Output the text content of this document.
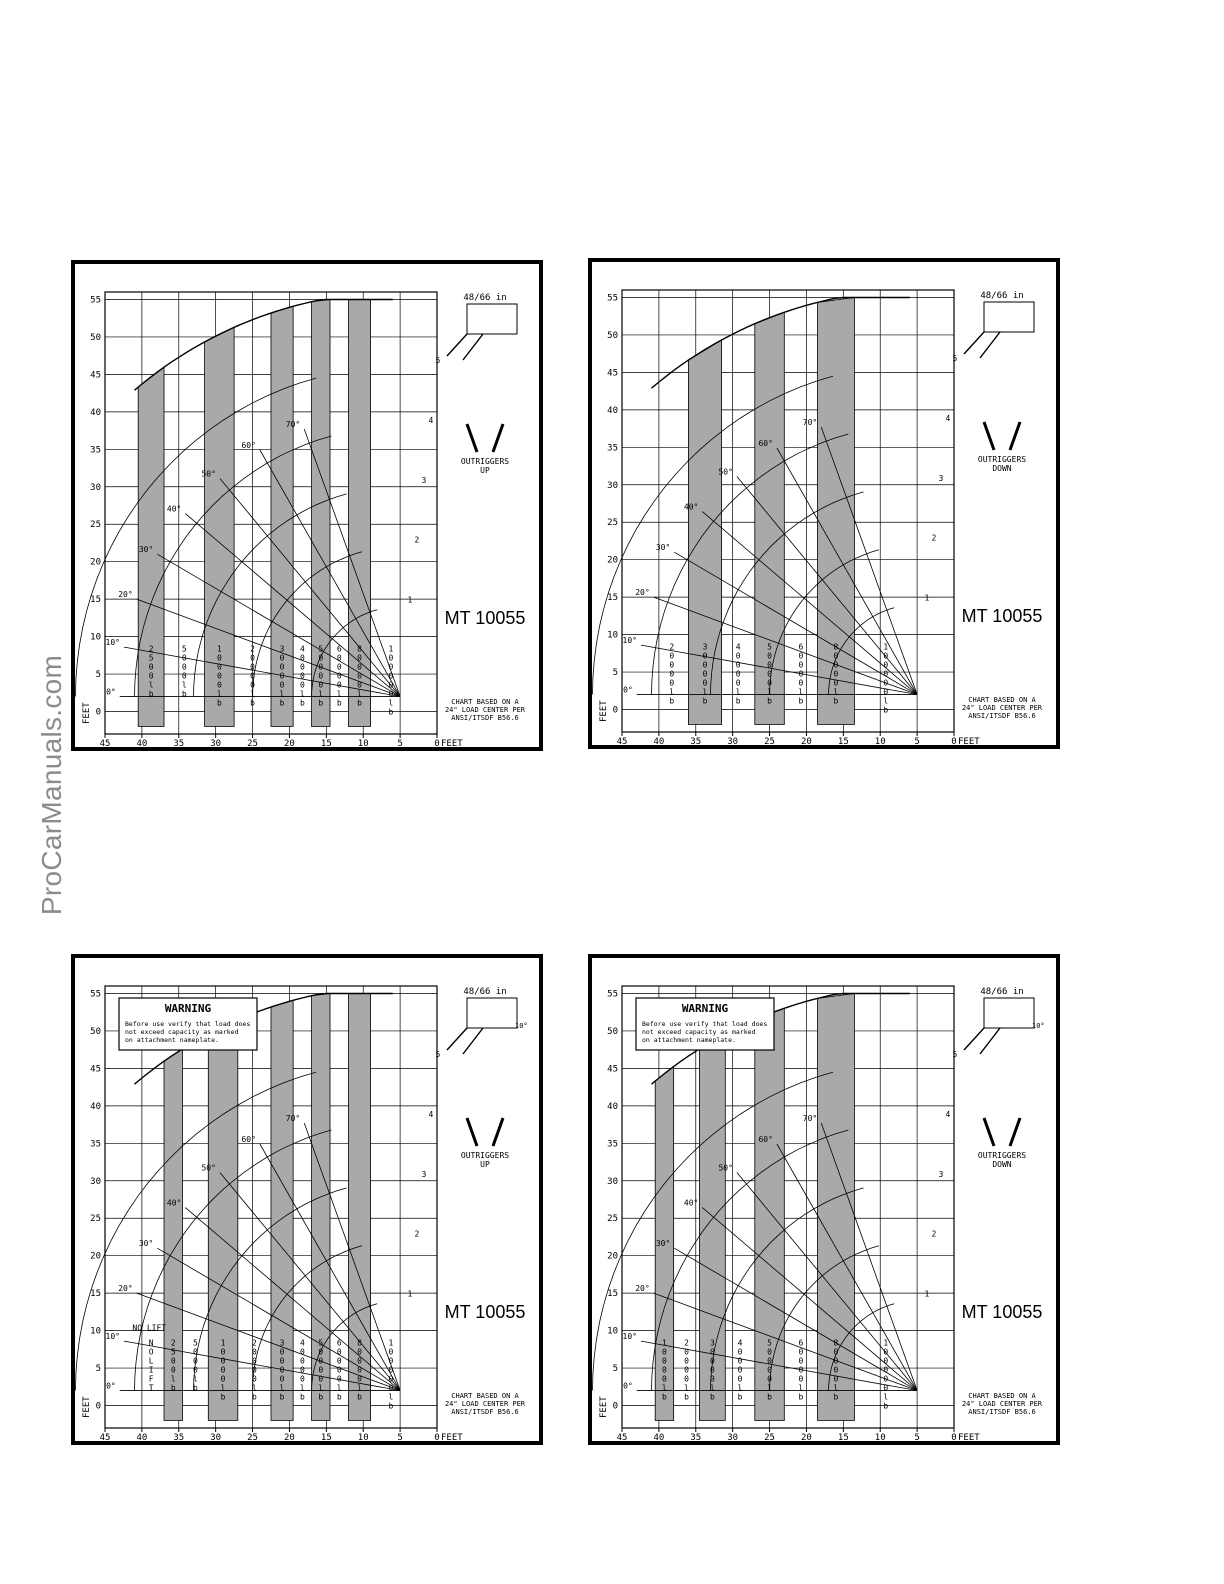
ProCarManuals.com	45	40	35	30	25	20	15	10	5	0
55
50
45
40
35
30
25
20
15
10
5
0
FEET
FEET
0°
10°
20°
30°
40°
50°
60°
70°
1
2
3
4
5
2 5 0 0 l b
5 0 0 0 l b
1 0 0 0 0 l b
2 0 0 0 0 l b
3 0 0 0 0 l b
4 0 0 0 0 l b
5 0 0 0 0 l b
6 0 0 0 0 l b
8 0 0 0 0 l b
1 0 0 0 0 0 l b
MT 10055
48/66 in
OUTRIGGERS
UP
CHART BASED ON A
24" LOAD CENTER PER
ANSI/ITSDF B56.6
45	40	35	30	25	20	15	10	5	0
55
50
45
40
35
30
25
20
15
10
5
0
FEET
FEET
0°
10°
20°
30°
40°
50°
60°
70°
1
2
3
4
5
2 0 0 0 0 l b
3 0 0 0 0 l b
4 0 0 0 0 l b
5 0 0 0 0 l b
6 0 0 0 0 l b
8 0 0 0 0 l b
1 0 0 0 0 0 l b
MT 10055
48/66 in
OUTRIGGERS
DOWN
CHART BASED ON A
24" LOAD CENTER PER
ANSI/ITSDF B56.6
45	40	35	30	25	20	15	10	5	0
55
50
45
40
35
30
25
20
15
10
5
0
FEET
FEET
0°
10°
20°
30°
40°
50°
60°
70°
1
2
3
4
5
N O L I F T
2 5 0 0 l b
5 0 0 0 l b
1 0 0 0 0 l b
2 0 0 0 0 l b
3 0 0 0 0 l b
4 0 0 0 0 l b
5 0 0 0 0 l b
6 0 0 0 0 l b
8 0 0 0 0 l b
1 0 0 0 0 0 l b
MT 10055
48/66 in
OUTRIGGERS
UP
CHART BASED ON A
24" LOAD CENTER PER
ANSI/ITSDF B56.6
WARNING
Before use verify that load does
not exceed capacity as marked
on attachment nameplate.
10°
NO LIFT
45	40	35	30	25	20	15	10	5	0
55
50
45
40
35
30
25
20
15
10
5
0
FEET
FEET
0°
10°
20°
30°
40°
50°
60°
70°
1
2
3
4
5
1 0 0 0 0 l b
2 0 0 0 0 l b
3 0 0 0 0 l b
4 0 0 0 0 l b
5 0 0 0 0 l b
6 0 0 0 0 l b
8 0 0 0 0 l b
1 0 0 0 0 0 l b
MT 10055
48/66 in
OUTRIGGERS
DOWN
CHART BASED ON A
24" LOAD CENTER PER
ANSI/ITSDF B56.6
WARNING
Before use verify that load does
not exceed capacity as marked
on attachment nameplate.
10°
